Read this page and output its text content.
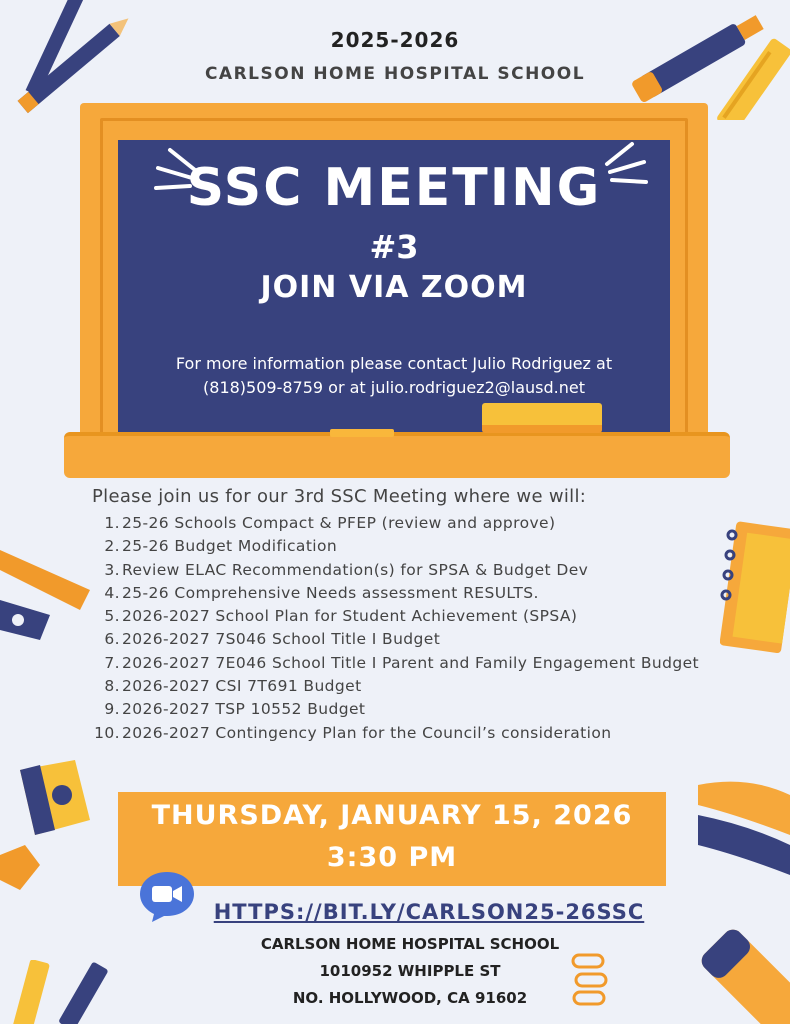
2025-2026
CARLSON HOME HOSPITAL SCHOOL
SSC MEETING
#3
JOIN VIA ZOOM
For more information please contact Julio Rodriguez at
(818)509-8759 or at julio.rodriguez2@lausd.net
Please join us for our 3rd SSC Meeting where we will:
1. 25-26 Schools Compact & PFEP (review and approve)
2. 25-26 Budget Modification
3. Review ELAC Recommendation(s) for SPSA & Budget Dev
4. 25-26 Comprehensive Needs assessment RESULTS.
5. 2026-2027 School Plan for Student Achievement (SPSA)
6. 2026-2027 7S046 School Title I Budget
7. 2026-2027 7E046 School Title I Parent and Family Engagement Budget
8. 2026-2027 CSI 7T691 Budget
9. 2026-2027 TSP 10552 Budget
10. 2026-2027 Contingency Plan for the Council’s consideration
THURSDAY, JANUARY 15, 2026
3:30 PM
HTTPS://BIT.LY/CARLSON25-26SSC
CARLSON HOME HOSPITAL SCHOOL
1010952 WHIPPLE ST
NO. HOLLYWOOD, CA 91602
